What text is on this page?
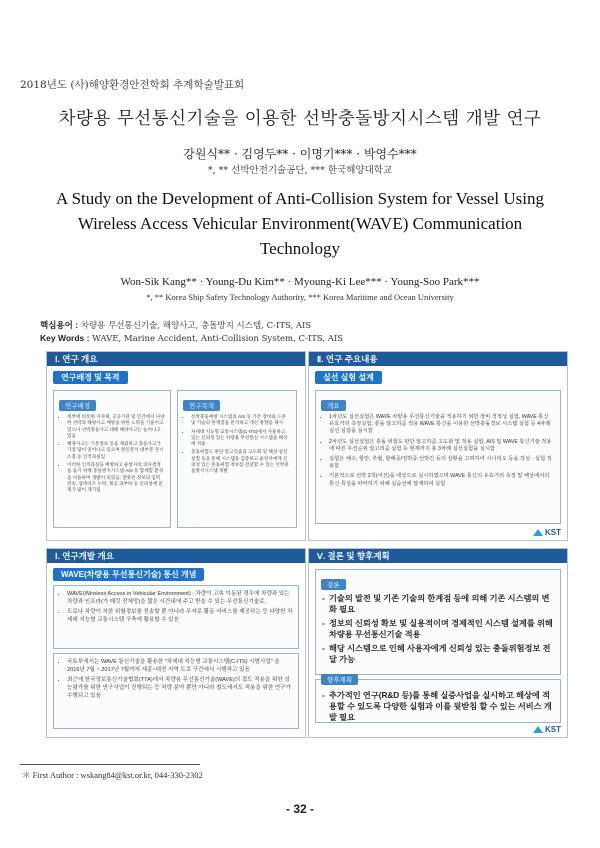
2018년도 (사)해양환경안전학회 추계학술발표회
차량용 무선통신기술을 이용한 선박충돌방지시스템 개발 연구
강원식** · 김영두** · 이명기*** · 박영수***
*, ** 선박안전기술공단, *** 한국해양대학교
A Study on the Development of Anti-Collision System for Vessel Using Wireless Access Vehicular Environment(WAVE) Communication Technology
Won-Sik Kang** · Young-Du Kim** · Myoung-Ki Lee*** · Young-Soo Park***
*, ** Korea Ship Safety Technology Authority, *** Korea Maritime and Ocean University
핵심용어 : 차량용 무선통신기술, 해양사고, 충돌방지 시스템, C-ITS, AIS
Key Words : WAVE, Marine Accident, Anti-Collision System, C-ITS, AIS
Ⅰ. 연구 개요
연구배경 및 목적
연구배경
• 정부에 비롯한 지자체, 공공기관 및 민간에서 다양한 선박과 해양사고 예방을 위한 노력을 기울이고 있으나 선박충돌사고 대해 해양사고는 늘어나고 있음
• 해양사고는 기본정보 등을 제외하고 충돌사고가 가장 많이 일어나고 있으며 원인분석 대부분 견시소홀 등 인적과실임
• 이러한 인적과실을 예방하고 운항자의 의사결정을 돕기 위해 충돌방지시스템 AIS 등 함께할 환경을 이용하여 개발이 되었음. 잘못된 정보의 입력 전송, 업데이트 누락, 제공 과부하 등 신뢰성에 문제가 많이 제기됨
연구목적
• 선박충돌예방 시스템의 AIS 등 기존 장비와 드론 및 기술의 한계점을 분석하고 개선 방향을 제시
• 차세대 지능형 교통시스템(C-ITS)에서 사용하고 있는 신뢰성 있는 차량용 무선통신 시스템을 해상에 적용
• 충돌위험도 판단 알고리즘과 고도화 및 해상 실선실험 등을 통해 시스템을 검증하고 운항자에게 신뢰성 있는 충돌위험 정보를 전달할 수 있는 선박충돌방지시스템 개발
Ⅱ. 연구 주요내용
실선 실험 설계
개요
• 1차년도 실선실험은 WAVE 차량용 무선통신기술을 적용하기 위한 장비 적정성 실험, WAVE 통신 유효거리 측정실험, 충돌 알고리즘 적용 WAVE 통신을 이용한 선박충돌경보 시스템 실험 등 4차례 실선 실험을 실시함
• 2차년도 실선실험은 충돌 위험도 판단 알고리즘 고도화 및 적용 실험, AIS 및 WAVE 통신기술 적용에 따른 우선순위 알고리즘 실험 등 현재까지 총 3차례 실선실험을 실시함
• 실험은 해수, 항만, 추월, 항해중/정박중 선박간 등의 상황을 고려하여 시나리오 등을 작성 · 실험 적용함
• 기본적으로 선박 2척(어선)을 대상으로 실시하였으며 WAVE 통신의 유효거리 측정 및 해상에서의 통신 특성을 파악하기 위해 실습선에 탑재하여 실험
KST
Ⅰ. 연구개발 개요
WAVE(차량용 무선통신기술) 통신 개념
• WAVE(Wireless Access in Vehicular Environment) : 차량이 고속 이동된 경우에 차량과 있는 차량과 인프라(가 패킷 전체망)을 짧은 시간내에 주고 받을 수 있는 무선통신기술로,
• 도로나 차량이 처한 위험정보를 전송할 뿐 아니라 무자로 활동 서비스를 제공하는 등 다양한 차세대 지능형 교통시스템 구축에 활용할 수 있음
• 국토부에서는 WAVE 통신기술을 활용한 "차세대 지능형 교통시스템(C-ITS) 시범사업" 을 2016년 7월 ~ 2017년 7월까지 세종~대전 지역 도로 구간에서 시행하고 있음
• 최근에 한국정보통신기술협회(TTA)에서 차량용 무선통신기술(WAVE)의 접도 적용을 위한 성능평가를 위한 연구사업이 진행되는 등 차량 분야 뿐만 아니라 철도에서도 적용을 위한 연구가 수행되고 있음
Ⅴ. 결론 및 향후계획
결론
- 기술의 발전 및 기존 기술의 한계점 등에 의해 기존 시스템의 변화 필요
- 정보의 신뢰성 확보 및 실용적이며 경제적인 시스템 설계를 위해 차량용 무선통신기술 적용
- 해당 시스템으로 인해 사용자에게 신뢰성 있는 충돌위험정보 전달 가능
향후계획
- 추가적인 연구(R&D 등)를 통해 실증사업을 실시하고 해상에 적용할 수 있도록 다양한 실험과 이를 뒷받침 할 수 있는 서비스 개발 필요
KST
＊ First Author : wskang84@kst.or.kr, 044-330-2302
- 32 -
